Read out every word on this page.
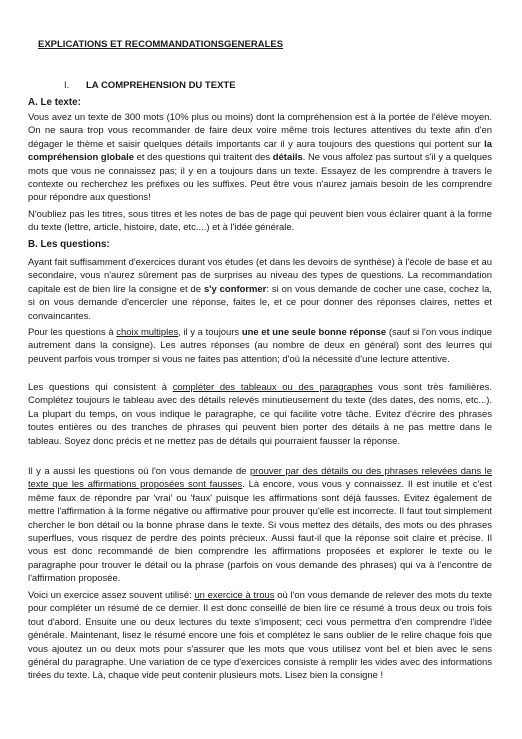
EXPLICATIONS ET RECOMMANDATIONSGENERALES
I. LA COMPREHENSION DU TEXTE
A. Le texte:

Vous avez un texte de 300 mots (10% plus ou moins) dont la compréhension est à la portée de l'élève moyen. On ne saura trop vous recommander de faire deux voire même trois lectures attentives du texte afin d'en dégager le thème et saisir quelques détails importants car il y aura toujours des questions qui portent sur la compréhension globale et des questions qui traitent des détails. Ne vous affolez pas surtout s'il y a quelques mots que vous ne connaissez pas; il y en a toujours dans un texte. Essayez de les comprendre à travers le contexte ou recherchez les préfixes ou les suffixes. Peut être vous n'aurez jamais besoin de les comprendre pour répondre aux questions!

N'oubliez pas les titres, sous titres et les notes de bas de page qui peuvent bien vous éclairer quant à la forme du texte (lettre, article, histoire, date, etc....) et à l'idée générale.

B. Les questions:

Ayant fait suffisamment d'exercices durant vos études (et dans les devoirs de synthèse) à l'école de base et au secondaire, vous n'aurez sûrement pas de surprises au niveau des types de questions. La recommandation capitale est de bien lire la consigne et de s'y conformer: si on vous demande de cocher une case, cochez la, si on vous demande d'encercler une réponse, faites le, et ce pour donner des réponses claires, nettes et convaincantes.

Pour les questions à choix multiples, il y a toujours une et une seule bonne réponse (sauf si l'on vous indique autrement dans la consigne). Les autres réponses (au nombre de deux en général) sont des leurres qui peuvent parfois vous tromper si vous ne faites pas attention; d'où la nécessité d'une lecture attentive.

Les questions qui consistent à compléter des tableaux ou des paragraphes vous sont très familières. Complétez toujours le tableau avec des détails relevés minutieusement du texte (des dates, des noms, etc...). La plupart du temps, on vous indique le paragraphe, ce qui facilite votre tâche. Evitez d'écrire des phrases toutes entières ou des tranches de phrases qui peuvent bien porter des détails à ne pas mettre dans le tableau. Soyez donc précis et ne mettez pas de détails qui pourraient fausser la réponse.

Il y a aussi les questions où l'on vous demande de prouver par des détails ou des phrases relevées dans le texte que les affirmations proposées sont fausses. Là encore, vous vous y connaissez. Il est inutile et c'est même faux de répondre par 'vrai' ou 'faux' puisque les affirmations sont déjà fausses. Evitez également de mettre l'affirmation à la forme négative ou affirmative pour prouver qu'elle est incorrecte. Il faut tout simplement chercher le bon détail ou la bonne phrase dans le texte. Si vous mettez des détails, des mots ou des phrases superflues, vous risquez de perdre des points précieux. Aussi faut-il que la réponse soit claire et précise. Il vous est donc recommandé de bien comprendre les affirmations proposées et explorer le texte ou le paragraphe pour trouver le détail ou la phrase (parfois on vous demande des phrases) qui va à l'encontre de l'affirmation proposée.

Voici un exercice assez souvent utilisé: un exercice à trous où l'on vous demande de relever des mots du texte pour compléter un résumé de ce dernier. Il est donc conseillé de bien lire ce résumé à trous deux ou trois fois tout d'abord. Ensuite une ou deux lectures du texte s'imposent; ceci vous permettra d'en comprendre l'idée générale. Maintenant, lisez le résumé encore une fois et complétez le sans oublier de le relire chaque fois que vous ajoutez un ou deux mots pour s'assurer que les mots que vous utilisez vont bel et bien avec le sens général du paragraphe. Une variation de ce type d'exercices consiste à remplir les vides avec des informations tirées du texte. Là, chaque vide peut contenir plusieurs mots. Lisez bien la consigne !
